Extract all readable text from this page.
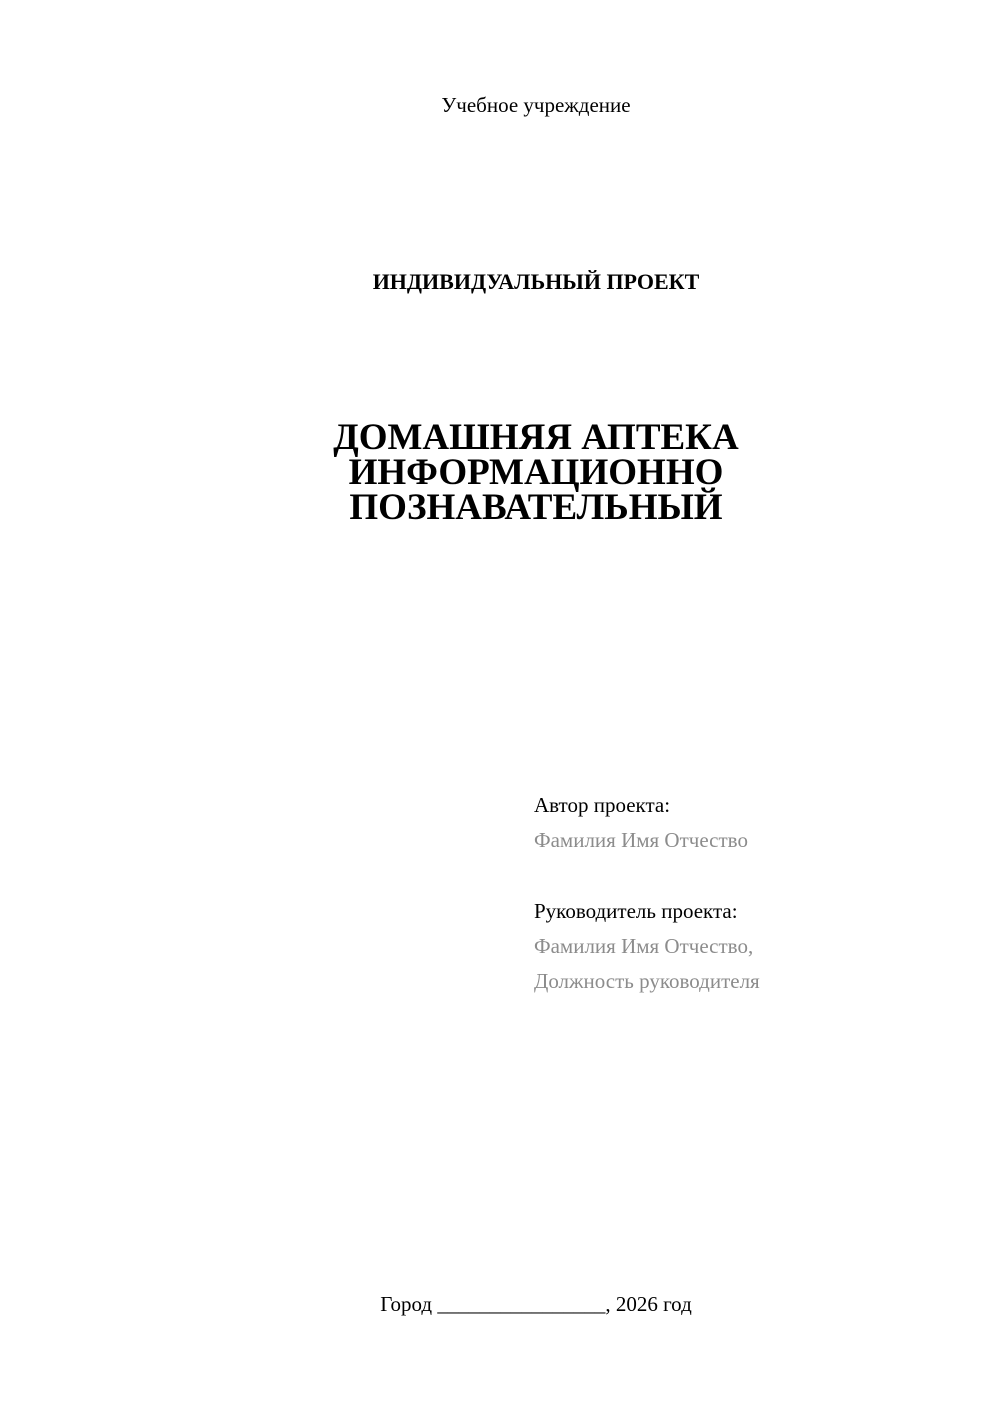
Учебное учреждение
ИНДИВИДУАЛЬНЫЙ ПРОЕКТ
ДОМАШНЯЯ АПТЕКА
ИНФОРМАЦИОННО
ПОЗНАВАТЕЛЬНЫЙ
Автор проекта:
Фамилия Имя Отчество
Руководитель проекта:
Фамилия Имя Отчество,
Должность руководителя
Город ________________, 2026 год
